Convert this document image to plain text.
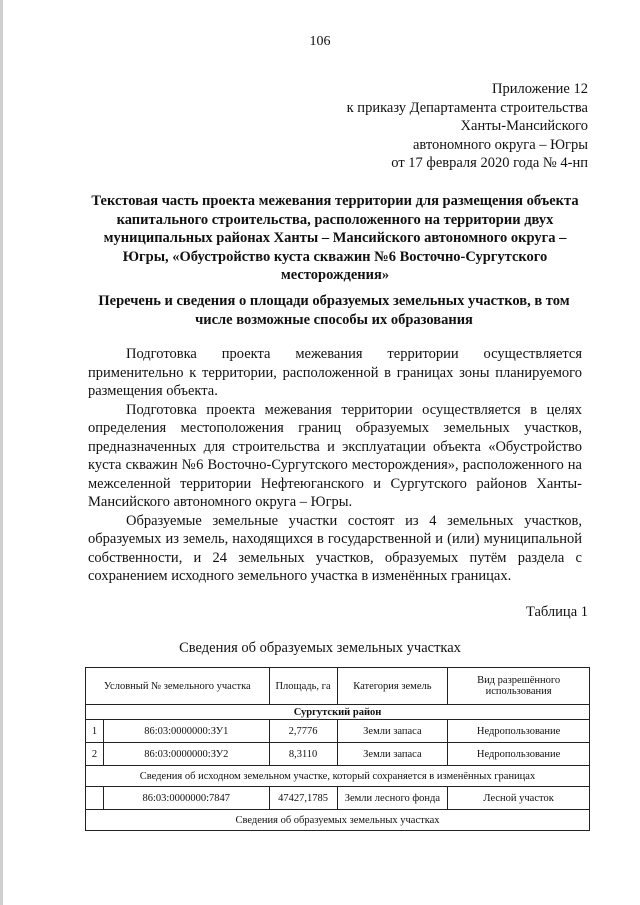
106
Приложение 12
к приказу Департамента строительства
Ханты-Мансийского
автономного округа – Югры
от 17 февраля 2020 года № 4-нп
Текстовая часть проекта межевания территории для размещения объекта капитального строительства, расположенного на территории двух муниципальных районах Ханты – Мансийского автономного округа – Югры, «Обустройство куста скважин №6 Восточно-Сургутского месторождения»
Перечень и сведения о площади образуемых земельных участков, в том числе возможные способы их образования

Подготовка проекта межевания территории осуществляется применительно к территории, расположенной в границах зоны планируемого размещения объекта.

Подготовка проекта межевания территории осуществляется в целях определения местоположения границ образуемых земельных участков, предназначенных для строительства и эксплуатации объекта «Обустройство куста скважин №6 Восточно-Сургутского месторождения», расположенного на межселенной территории Нефтеюганского и Сургутского районов Ханты-Мансийского автономного округа – Югры.

Образуемые земельные участки состоят из 4 земельных участков, образуемых из земель, находящихся в государственной и (или) муниципальной собственности, и 24 земельных участков, образуемых путём раздела с сохранением исходного земельного участка в изменённых границах.

Таблица 1
Сведения об образуемых земельных участках
Условный № земельного участка		Площадь, га	Категория земель	Вид разрешённого использования
Сургутский район				
1	86:03:0000000:ЗУ1	2,7776	Земли запаса	Недропользование
2	86:03:0000000:ЗУ2	8,3110	Земли запаса	Недропользование
Сведения об исходном земельном участке, который сохраняется в изменённых границах				
	86:03:0000000:7847	47427,1785	Земли лесного фонда	Лесной участок
Сведения об образуемых земельных участках				
